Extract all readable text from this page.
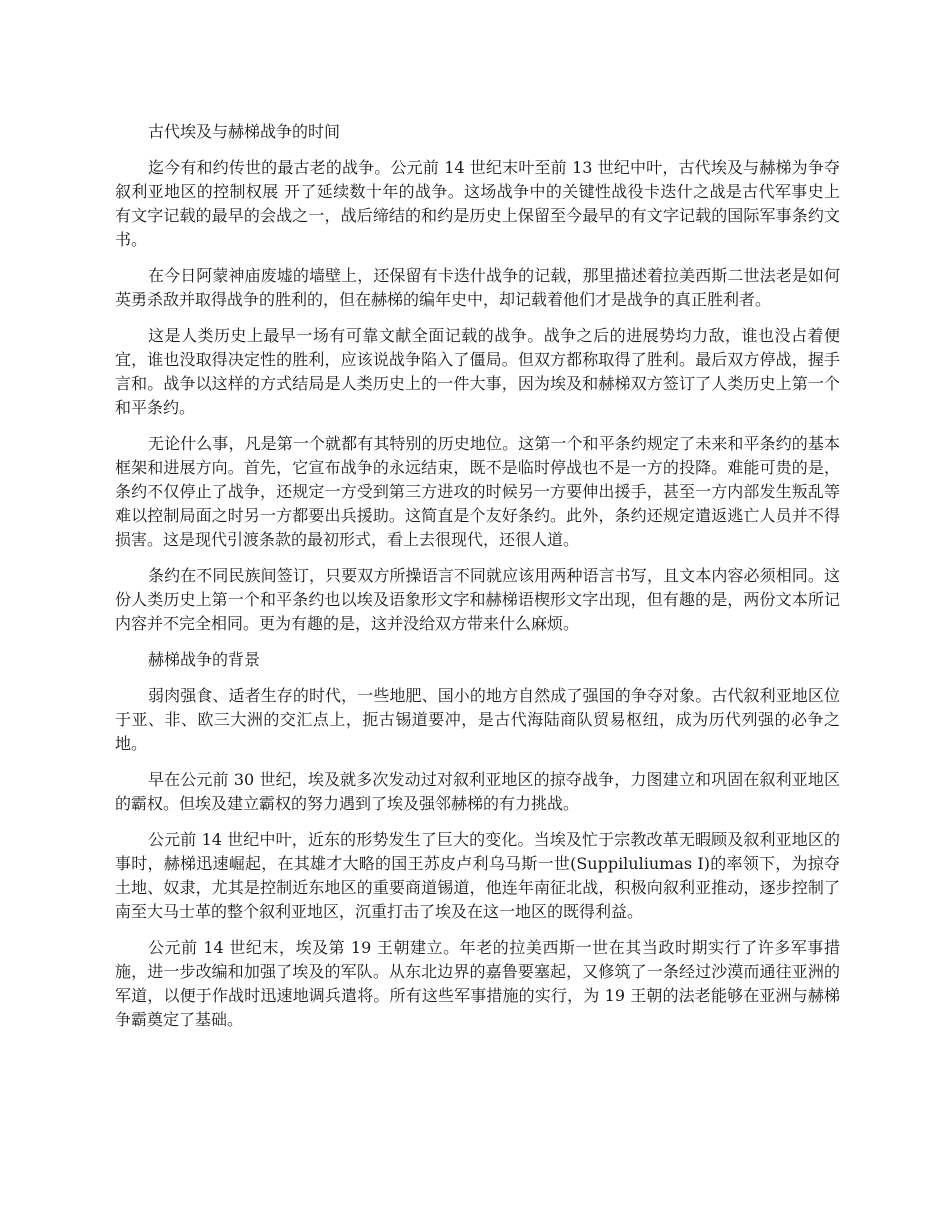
古代埃及与赫梯战争的时间

迄今有和约传世的最古老的战争。公元前 14 世纪末叶至前 13 世纪中叶，古代埃及与赫梯为争夺叙利亚地区的控制权展 开了延续数十年的战争。这场战争中的关键性战役卡迭什之战是古代军事史上有文字记载的最早的会战之一，战后缔结的和约是历史上保留至今最早的有文字记载的国际军事条约文书。

在今日阿蒙神庙废墟的墙壁上，还保留有卡迭什战争的记载，那里描述着拉美西斯二世法老是如何英勇杀敌并取得战争的胜利的，但在赫梯的编年史中，却记载着他们才是战争的真正胜利者。

这是人类历史上最早一场有可靠文献全面记载的战争。战争之后的进展势均力敌，谁也没占着便宜，谁也没取得决定性的胜利，应该说战争陷入了僵局。但双方都称取得了胜利。最后双方停战，握手言和。战争以这样的方式结局是人类历史上的一件大事，因为埃及和赫梯双方签订了人类历史上第一个和平条约。

无论什么事，凡是第一个就都有其特别的历史地位。这第一个和平条约规定了未来和平条约的基本框架和进展方向。首先，它宣布战争的永远结束，既不是临时停战也不是一方的投降。难能可贵的是，条约不仅停止了战争，还规定一方受到第三方进攻的时候另一方要伸出援手，甚至一方内部发生叛乱等难以控制局面之时另一方都要出兵援助。这简直是个友好条约。此外，条约还规定遣返逃亡人员并不得损害。这是现代引渡条款的最初形式，看上去很现代，还很人道。

条约在不同民族间签订，只要双方所操语言不同就应该用两种语言书写，且文本内容必须相同。这份人类历史上第一个和平条约也以埃及语象形文字和赫梯语楔形文字出现，但有趣的是，两份文本所记内容并不完全相同。更为有趣的是，这并没给双方带来什么麻烦。

赫梯战争的背景

弱肉强食、适者生存的时代，一些地肥、国小的地方自然成了强国的争夺对象。古代叙利亚地区位于亚、非、欧三大洲的交汇点上，扼古锡道要冲，是古代海陆商队贸易枢纽，成为历代列强的必争之地。

早在公元前 30 世纪，埃及就多次发动过对叙利亚地区的掠夺战争，力图建立和巩固在叙利亚地区的霸权。但埃及建立霸权的努力遇到了埃及强邻赫梯的有力挑战。

公元前 14 世纪中叶，近东的形势发生了巨大的变化。当埃及忙于宗教改革无暇顾及叙利亚地区的事时，赫梯迅速崛起，在其雄才大略的国王苏皮卢利乌马斯一世(Suppiluliumas I)的率领下，为掠夺土地、奴隶，尤其是控制近东地区的重要商道锡道，他连年南征北战，积极向叙利亚推动，逐步控制了南至大马士革的整个叙利亚地区，沉重打击了埃及在这一地区的既得利益。

公元前 14 世纪末，埃及第 19 王朝建立。年老的拉美西斯一世在其当政时期实行了许多军事措施，进一步改编和加强了埃及的军队。从东北边界的嘉鲁要塞起，又修筑了一条经过沙漠而通往亚洲的军道，以便于作战时迅速地调兵遣将。所有这些军事措施的实行，为 19 王朝的法老能够在亚洲与赫梯争霸奠定了基础。
